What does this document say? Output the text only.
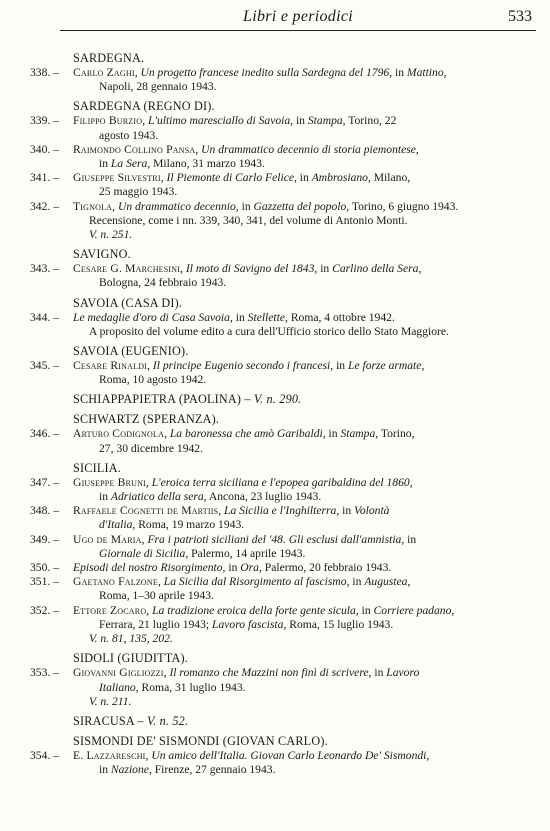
Libri e periodici	533
SARDEGNA.
338. –	Carlo Zaghi, Un progetto francese inedito sulla Sardegna del 1796, in Mattino,
Napoli, 28 gennaio 1943.
SARDEGNA (REGNO DI).
339. –	Filippo Burzio, L'ultimo maresciallo di Savoia, in Stampa, Torino, 22
agosto 1943.
340. –	Raimondo Collino Pansa, Un drammatico decennio di storia piemontese,
in La Sera, Milano, 31 marzo 1943.
341. –	Giuseppe Silvestri, Il Piemonte di Carlo Felice, in Ambrosiano, Milano,
25 maggio 1943.
342. –	Tignola, Un drammatico decennio, in Gazzetta del popolo, Torino, 6 giugno 1943.
Recensione, come i nn. 339, 340, 341, del volume di Antonio Monti.
V. n. 251.
SAVIGNO.
343. –	Cesare G. Marchesini, Il moto di Savigno del 1843, in Carlino della Sera,
Bologna, 24 febbraio 1943.
SAVOIA (CASA DI).
344. –	Le medaglie d'oro di Casa Savoia, in Stellette, Roma, 4 ottobre 1942.
A proposito del volume edito a cura dell'Ufficio storico dello Stato Maggiore.
SAVOIA (EUGENIO).
345. –	Cesare Rinaldi, Il principe Eugenio secondo i francesi, in Le forze armate,
Roma, 10 agosto 1942.
SCHIAPPAPIETRA (PAOLINA) – V. n. 290.
SCHWARTZ (SPERANZA).
346. –	Arturo Codignola, La baronessa che amò Garibaldi, in Stampa, Torino,
27, 30 dicembre 1942.
SICILIA.
347. –	Giuseppe Bruni, L'eroica terra siciliana e l'epopea garibaldina del 1860,
in Adriatico della sera, Ancona, 23 luglio 1943.
348. –	Raffaele Cognetti de Martiis, La Sicilia e l'Inghilterra, in Volontà
d'Italia, Roma, 19 marzo 1943.
349. –	Ugo de Maria, Fra i patrioti siciliani del '48. Gli esclusi dall'amnistia, in
Giornale di Sicilia, Palermo, 14 aprile 1943.
350. –	Episodi del nostro Risorgimento, in Ora, Palermo, 20 febbraio 1943.
351. –	Gaetano Falzone, La Sicilia dal Risorgimento al fascismo, in Augustea,
Roma, 1–30 aprile 1943.
352. –	Ettore Zocaro, La tradizione eroica della forte gente sicula, in Corriere padano,
Ferrara, 21 luglio 1943; Lavoro fascista, Roma, 15 luglio 1943.
V. n. 81, 135, 202.
SIDOLI (GIUDITTA).
353. –	Giovanni Gigliozzi, Il romanzo che Mazzini non finì di scrivere, in Lavoro
Italiano, Roma, 31 luglio 1943.
V. n. 211.
SIRACUSA – V. n. 52.
SISMONDI DE' SISMONDI (GIOVAN CARLO).
354. –	E. Lazzareschi, Un amico dell'Italia. Giovan Carlo Leonardo De' Sismondi,
in Nazione, Firenze, 27 gennaio 1943.
